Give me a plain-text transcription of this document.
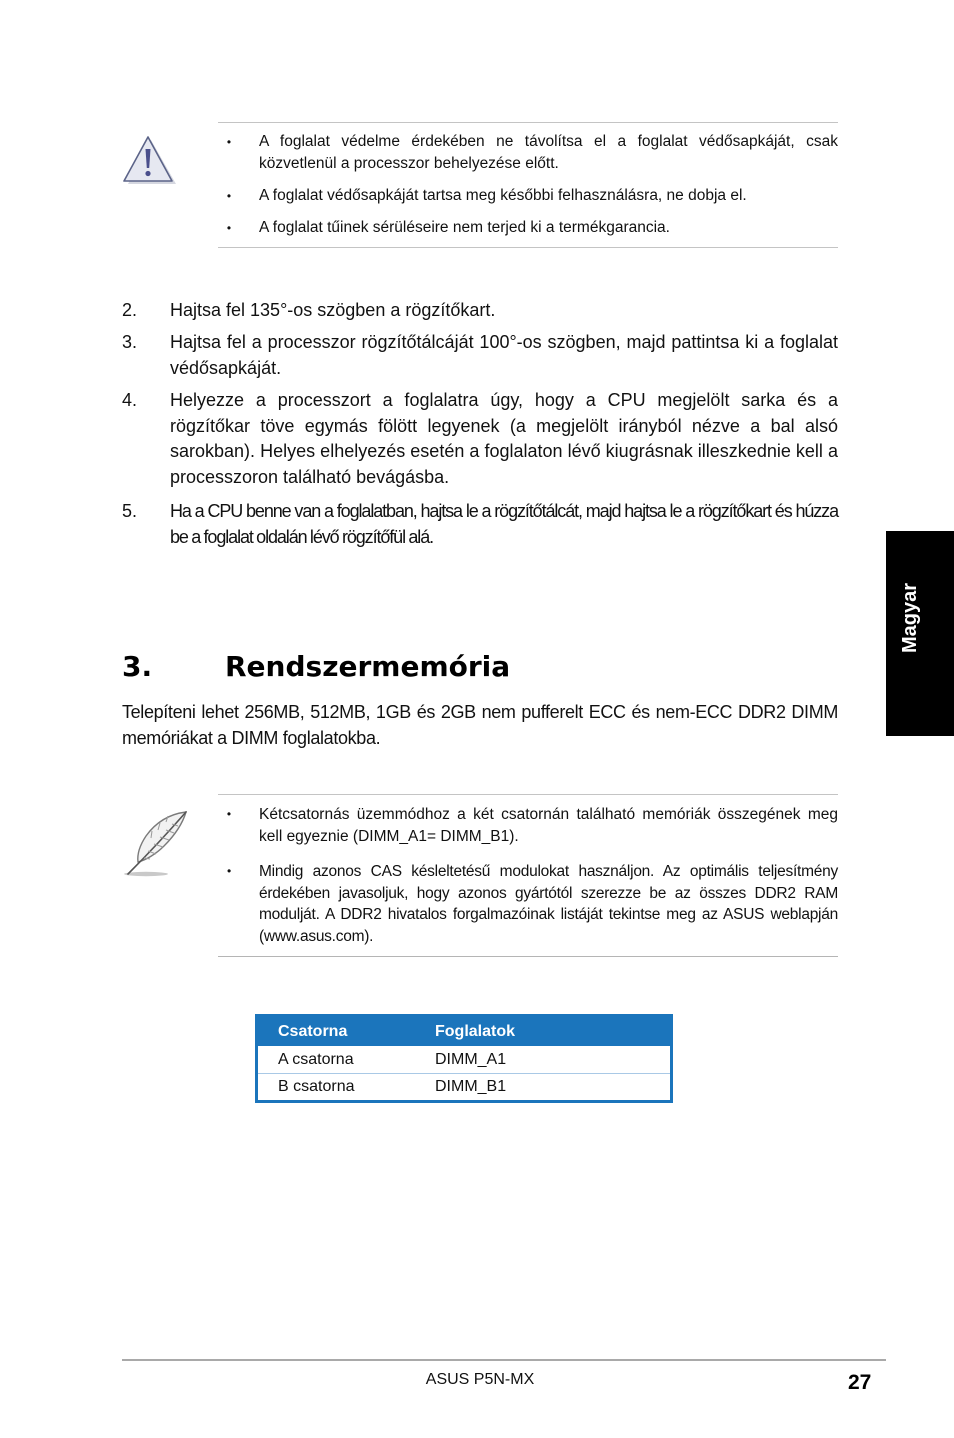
• A foglalat védelme érdekében ne távolítsa el a foglalat védősapkáját, csak közvetlenül a processzor behelyezése előtt.
• A foglalat védősapkáját tartsa meg későbbi felhasználásra, ne dobja el.
• A foglalat tűinek sérüléseire nem terjed ki a termékgarancia.
2. Hajtsa fel 135°-os szögben a rögzítőkart.
3. Hajtsa fel a processzor rögzítőtálcáját 100°-os szögben, majd pattintsa ki a foglalat védősapkáját.
4. Helyezze a processzort a foglalatra úgy, hogy a CPU megjelölt sarka és a rögzítőkar töve egymás fölött legyenek (a megjelölt irányból nézve a bal alsó sarokban). Helyes elhelyezés esetén a foglalaton lévő kiugrásnak illeszkednie kell a processzoron található bevágásba.
5. Ha a CPU benne van a foglalatban, hajtsa le a rögzítőtálcát, majd hajtsa le a rögzítőkart és húzza be a foglalat oldalán lévő rögzítőfül alá.
Magyar
3.	Rendszermemória
Telepíteni lehet 256MB, 512MB, 1GB és 2GB nem pufferelt ECC és nem-ECC DDR2 DIMM memóriákat a DIMM foglalatokba.
• Kétcsatornás üzemmódhoz a két csatornán található memóriák összegének meg kell egyeznie (DIMM_A1= DIMM_B1).
• Mindig azonos CAS késleltetésű modulokat használjon. Az optimális teljesítmény érdekében javasoljuk, hogy azonos gyártótól szerezze be az összes DDR2 RAM modulját. A DDR2 hivatalos forgalmazóinak listáját tekintse meg az ASUS weblapján (www.asus.com).
Csatorna	Foglalatok
A csatorna	DIMM_A1
B csatorna	DIMM_B1
ASUS P5N-MX	27
